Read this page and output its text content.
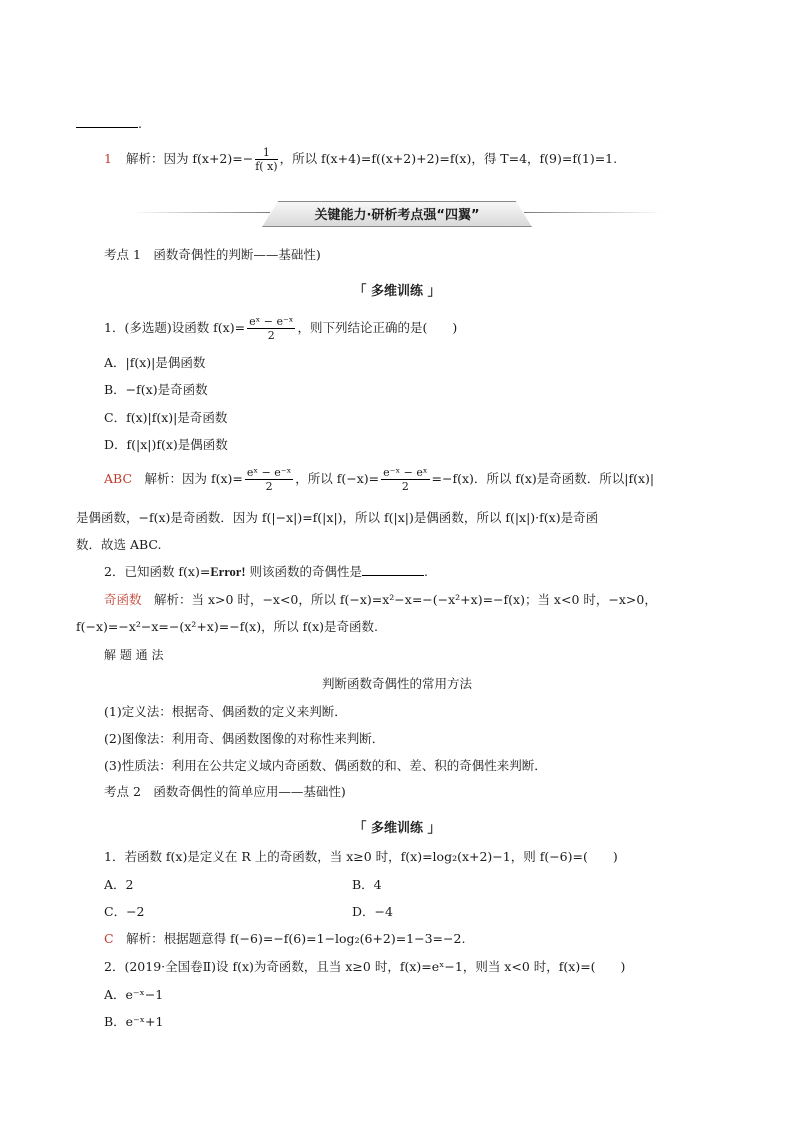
.
1 解析：因为 $f(x+2)=- \frac{1}{f( x)}$ ，所以 f(x+4)=f((x+2)+2)=f(x)，得 T=4，f(9)=f(1)=1.
关键能力·研析考点强“四翼”
考点 1　函数奇偶性的判断——基础性)
「 多维训练 」
1．(多选题)设函数 $f(x)= \frac{\text{eˣ − e⁻ˣ}}{2}$ ，则下列结论正确的是(　　)
A．|f(x)|是偶函数
B．−f(x)是奇函数
C．f(x)|f(x)|是奇函数
D．f(|x|)f(x)是偶函数
ABC　解析：因为 $f(x)= \frac{\text{eˣ − e⁻ˣ}}{2}$ ，所以 $f(-x)= \frac{\text{e⁻ˣ − eˣ}}{2} =-f(x)$．所以 f(x)是奇函数．所以|f(x)|
是偶函数，−f(x)是奇函数．因为 f(|−x|)=f(|x|)，所以 f(|x|)是偶函数，所以 f(|x|)·f(x)是奇函
数．故选 ABC.
2．已知函数 f(x)=Error! 则该函数的奇偶性是	.
奇函数　解析：当 x>0 时，−x<0，所以 f(−x)=x²−x=−(−x²+x)=−f(x)；当 x<0 时，−x>0，
f(−x)=−x²−x=−(x²+x)=−f(x)，所以 f(x)是奇函数.
解 题 通 法
判断函数奇偶性的常用方法
(1)定义法：根据奇、偶函数的定义来判断．
(2)图像法：利用奇、偶函数图像的对称性来判断．
(3)性质法：利用在公共定义域内奇函数、偶函数的和、差、积的奇偶性来判断．
考点 2　函数奇偶性的简单应用——基础性)
「 多维训练 」
1．若函数 f(x)是定义在 R 上的奇函数，当 x≥0 时，f(x)=log₂(x+2)−1，则 f(−6)=(　　)
A．2	B．4
C．−2	D．−4
C　解析：根据题意得 f(−6)=−f(6)=1−log₂(6+2)=1−3=−2.
2．(2019·全国卷Ⅱ)设 f(x)为奇函数，且当 x≥0 时，f(x)=eˣ−1，则当 x<0 时，f(x)=(　　)
A．e⁻ˣ−1
B．e⁻ˣ+1
